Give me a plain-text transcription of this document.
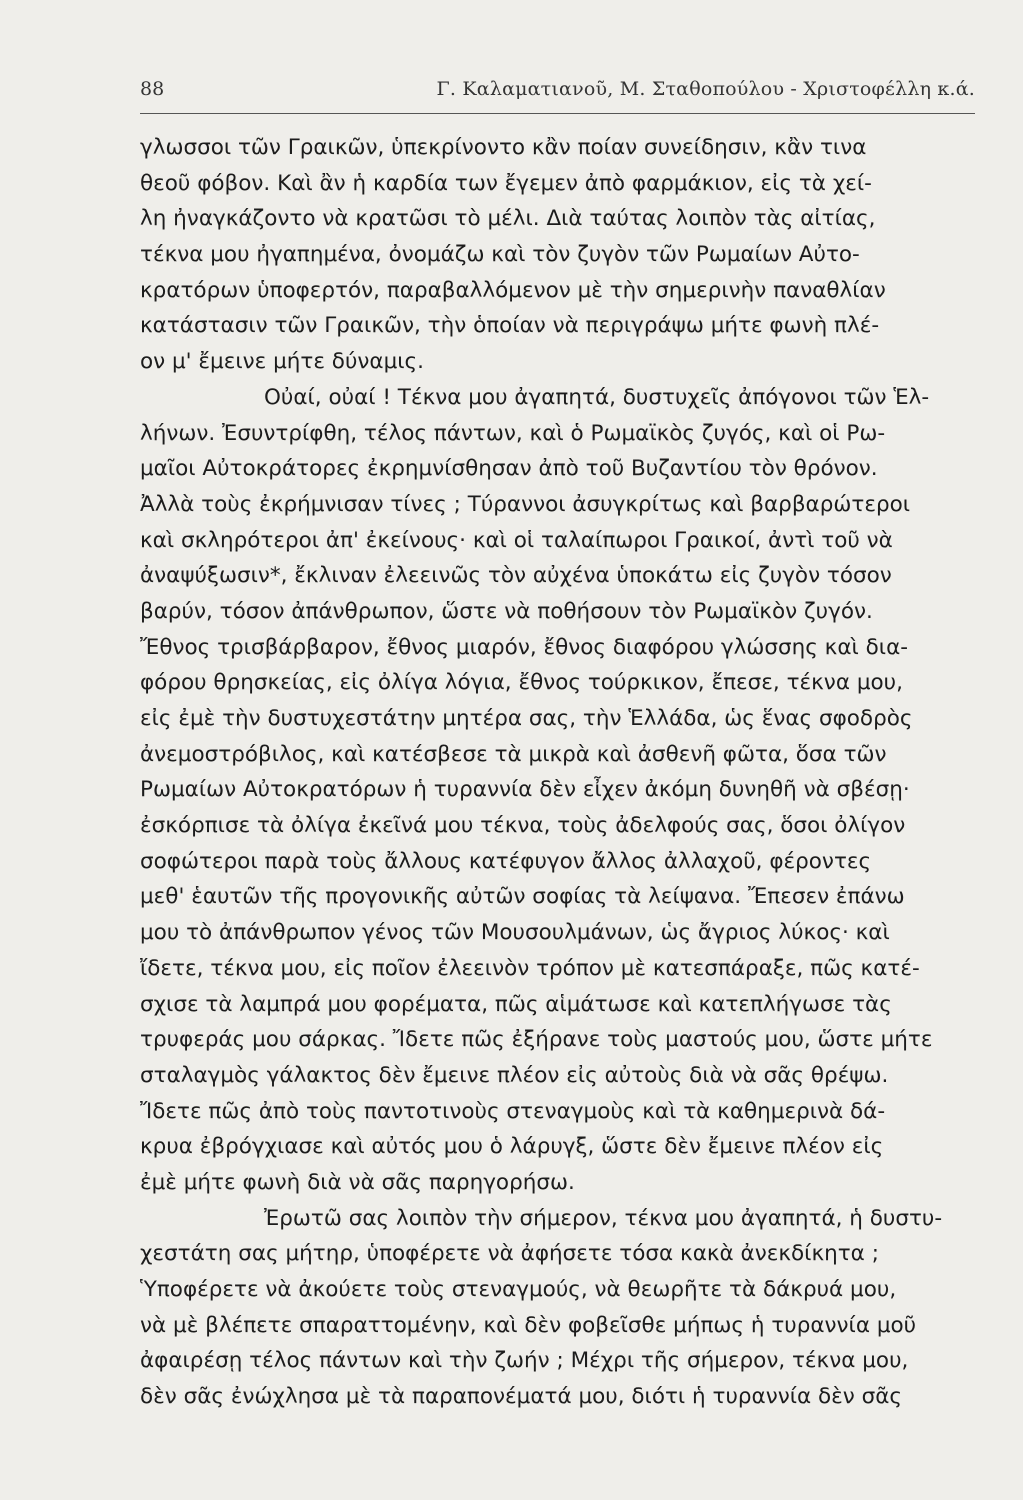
88	Γ. Καλαματιανοῦ, Μ. Σταθοπούλου - Χριστοφέλλη κ.ά.
γλωσσοι τῶν Γραικῶν, ὑπεκρίνοντο κἂν ποίαν συνείδησιν, κἂν τινα
θεοῦ φόβον. Καὶ ἂν ἡ καρδία των ἔγεμεν ἀπὸ φαρμάκιον, εἰς τὰ χεί-
λη ἠναγκάζοντο νὰ κρατῶσι τὸ μέλι. Διὰ ταύτας λοιπὸν τὰς αἰτίας,
τέκνα μου ἠγαπημένα, ὀνομάζω καὶ τὸν ζυγὸν τῶν Ρωμαίων Αὐτο-
κρατόρων ὑποφερτόν, παραβαλλόμενον μὲ τὴν σημερινὴν παναθλίαν
κατάστασιν τῶν Γραικῶν, τὴν ὁποίαν νὰ περιγράψω μήτε φωνὴ πλέ-
ον μ' ἔμεινε μήτε δύναμις.
Οὐαί, οὐαί ! Τέκνα μου ἀγαπητά, δυστυχεῖς ἀπόγονοι τῶν Ἑλ-
λήνων. Ἐσυντρίφθη, τέλος πάντων, καὶ ὁ Ρωμαϊκὸς ζυγός, καὶ οἱ Ρω-
μαῖοι Αὐτοκράτορες ἐκρημνίσθησαν ἀπὸ τοῦ Βυζαντίου τὸν θρόνον.
Ἀλλὰ τοὺς ἐκρήμνισαν τίνες ; Τύραννοι ἀσυγκρίτως καὶ βαρβαρώτεροι
καὶ σκληρότεροι ἀπ' ἐκείνους· καὶ οἱ ταλαίπωροι Γραικοί, ἀντὶ τοῦ νὰ
ἀναψύξωσιν*, ἔκλιναν ἐλεεινῶς τὸν αὐχένα ὑποκάτω εἰς ζυγὸν τόσον
βαρύν, τόσον ἀπάνθρωπον, ὥστε νὰ ποθήσουν τὸν Ρωμαϊκὸν ζυγόν.
Ἔθνος τρισβάρβαρον, ἔθνος μιαρόν, ἔθνος διαφόρου γλώσσης καὶ δια-
φόρου θρησκείας, εἰς ὀλίγα λόγια, ἔθνος τούρκικον, ἔπεσε, τέκνα μου,
εἰς ἐμὲ τὴν δυστυχεστάτην μητέρα σας, τὴν Ἑλλάδα, ὡς ἕνας σφοδρὸς
ἀνεμοστρόβιλος, καὶ κατέσβεσε τὰ μικρὰ καὶ ἀσθενῆ φῶτα, ὅσα τῶν
Ρωμαίων Αὐτοκρατόρων ἡ τυραννία δὲν εἶχεν ἀκόμη δυνηθῆ νὰ σβέσῃ·
ἐσκόρπισε τὰ ὀλίγα ἐκεῖνά μου τέκνα, τοὺς ἀδελφούς σας, ὅσοι ὀλίγον
σοφώτεροι παρὰ τοὺς ἄλλους κατέφυγον ἄλλος ἀλλαχοῦ, φέροντες
μεθ' ἑαυτῶν τῆς προγονικῆς αὐτῶν σοφίας τὰ λείψανα. Ἔπεσεν ἐπάνω
μου τὸ ἀπάνθρωπον γένος τῶν Μουσουλμάνων, ὡς ἄγριος λύκος· καὶ
ἴδετε, τέκνα μου, εἰς ποῖον ἐλεεινὸν τρόπον μὲ κατεσπάραξε, πῶς κατέ-
σχισε τὰ λαμπρά μου φορέματα, πῶς αἱμάτωσε καὶ κατεπλήγωσε τὰς
τρυφεράς μου σάρκας. Ἴδετε πῶς ἐξήρανε τοὺς μαστούς μου, ὥστε μήτε
σταλαγμὸς γάλακτος δὲν ἔμεινε πλέον εἰς αὐτοὺς διὰ νὰ σᾶς θρέψω.
Ἴδετε πῶς ἀπὸ τοὺς παντοτινοὺς στεναγμοὺς καὶ τὰ καθημερινὰ δά-
κρυα ἐβρόγχιασε καὶ αὐτός μου ὁ λάρυγξ, ὥστε δὲν ἔμεινε πλέον εἰς
ἐμὲ μήτε φωνὴ διὰ νὰ σᾶς παρηγορήσω.
Ἐρωτῶ σας λοιπὸν τὴν σήμερον, τέκνα μου ἀγαπητά, ἡ δυστυ-
χεστάτη σας μήτηρ, ὑποφέρετε νὰ ἀφήσετε τόσα κακὰ ἀνεκδίκητα ;
Ὑποφέρετε νὰ ἀκούετε τοὺς στεναγμούς, νὰ θεωρῆτε τὰ δάκρυά μου,
νὰ μὲ βλέπετε σπαραττομένην, καὶ δὲν φοβεῖσθε μήπως ἡ τυραννία μοῦ
ἀφαιρέσῃ τέλος πάντων καὶ τὴν ζωήν ; Μέχρι τῆς σήμερον, τέκνα μου,
δὲν σᾶς ἐνώχλησα μὲ τὰ παραπονέματά μου, διότι ἡ τυραννία δὲν σᾶς
